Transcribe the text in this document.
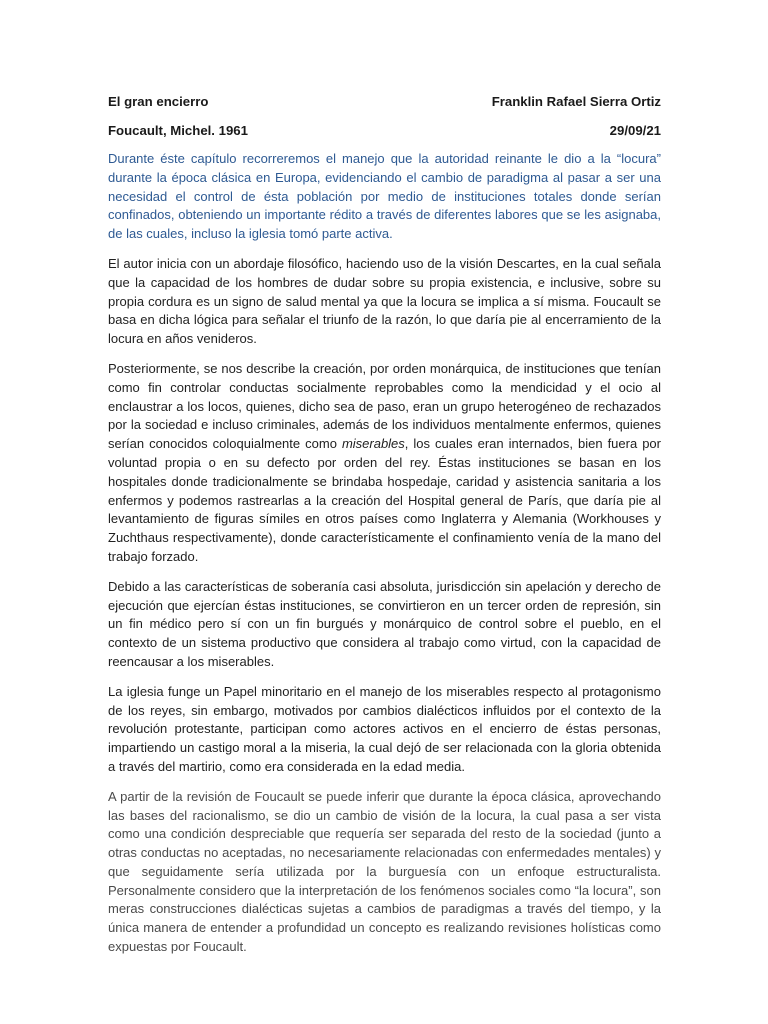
El gran encierro	Franklin Rafael Sierra Ortiz
Foucault, Michel. 1961	29/09/21

Durante éste capítulo recorreremos el manejo que la autoridad reinante le dio a la “locura” durante la época clásica en Europa, evidenciando el cambio de paradigma al pasar a ser una necesidad el control de ésta población por medio de instituciones totales donde serían confinados, obteniendo un importante rédito a través de diferentes labores que se les asignaba, de las cuales, incluso la iglesia tomó parte activa.

El autor inicia con un abordaje filosófico, haciendo uso de la visión Descartes, en la cual señala que la capacidad de los hombres de dudar sobre su propia existencia, e inclusive, sobre su propia cordura es un signo de salud mental ya que la locura se implica a sí misma. Foucault se basa en dicha lógica para señalar el triunfo de la razón, lo que daría pie al encerramiento de la locura en años venideros.

Posteriormente, se nos describe la creación, por orden monárquica, de instituciones que tenían como fin controlar conductas socialmente reprobables como la mendicidad y el ocio al enclaustrar a los locos, quienes, dicho sea de paso, eran un grupo heterogéneo de rechazados por la sociedad e incluso criminales, además de los individuos mentalmente enfermos, quienes serían conocidos coloquialmente como miserables, los cuales eran internados, bien fuera por voluntad propia o en su defecto por orden del rey. Éstas instituciones se basan en los hospitales donde tradicionalmente se brindaba hospedaje, caridad y asistencia sanitaria a los enfermos y podemos rastrearlas a la creación del Hospital general de París, que daría pie al levantamiento de figuras símiles en otros países como Inglaterra y Alemania (Workhouses y Zuchthaus respectivamente), donde característicamente el confinamiento venía de la mano del trabajo forzado.

Debido a las características de soberanía casi absoluta, jurisdicción sin apelación y derecho de ejecución que ejercían éstas instituciones, se convirtieron en un tercer orden de represión, sin un fin médico pero sí con un fin burgués y monárquico de control sobre el pueblo, en el contexto de un sistema productivo que considera al trabajo como virtud, con la capacidad de reencausar a los miserables.

La iglesia funge un Papel minoritario en el manejo de los miserables respecto al protagonismo de los reyes, sin embargo, motivados por cambios dialécticos influidos por el contexto de la revolución protestante, participan como actores activos en el encierro de éstas personas, impartiendo un castigo moral a la miseria, la cual dejó de ser relacionada con la gloria obtenida a través del martirio, como era considerada en la edad media.

A partir de la revisión de Foucault se puede inferir que durante la época clásica, aprovechando las bases del racionalismo, se dio un cambio de visión de la locura, la cual pasa a ser vista como una condición despreciable que requería ser separada del resto de la sociedad (junto a otras conductas no aceptadas, no necesariamente relacionadas con enfermedades mentales) y que seguidamente sería utilizada por la burguesía con un enfoque estructuralista. Personalmente considero que la interpretación de los fenómenos sociales como “la locura”, son meras construcciones dialécticas sujetas a cambios de paradigmas a través del tiempo, y la única manera de entender a profundidad un concepto es realizando revisiones holísticas como expuestas por Foucault.
